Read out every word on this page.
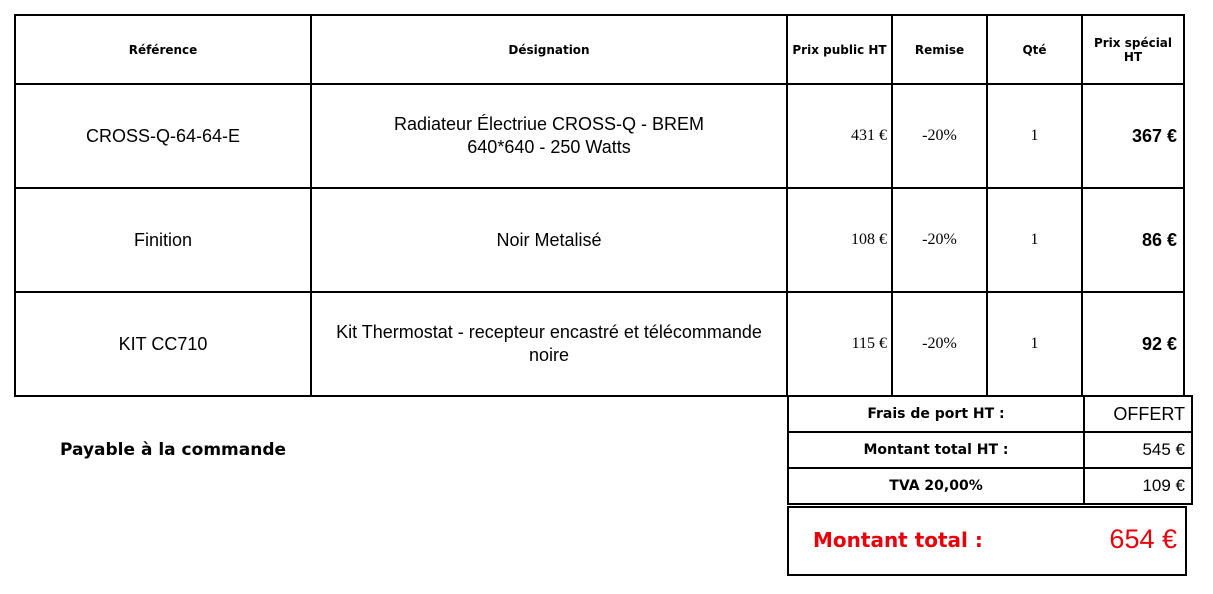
Référence	Désignation	Prix public HT	Remise	Qté	Prix spécial HT
CROSS-Q-64-64-E	Radiateur Électriue CROSS-Q - BREM
640*640 - 250 Watts	431 €	-20%	1	367 €
Finition	Noir Metalisé	108 €	-20%	1	86 €
KIT CC710	Kit Thermostat - recepteur encastré et télécommande
noire	115 €	-20%	1	92 €
Payable à la commande
Frais de port HT :	OFFERT
Montant total HT :	545 €
TVA 20,00%	109 €
Montant total :	654 €
